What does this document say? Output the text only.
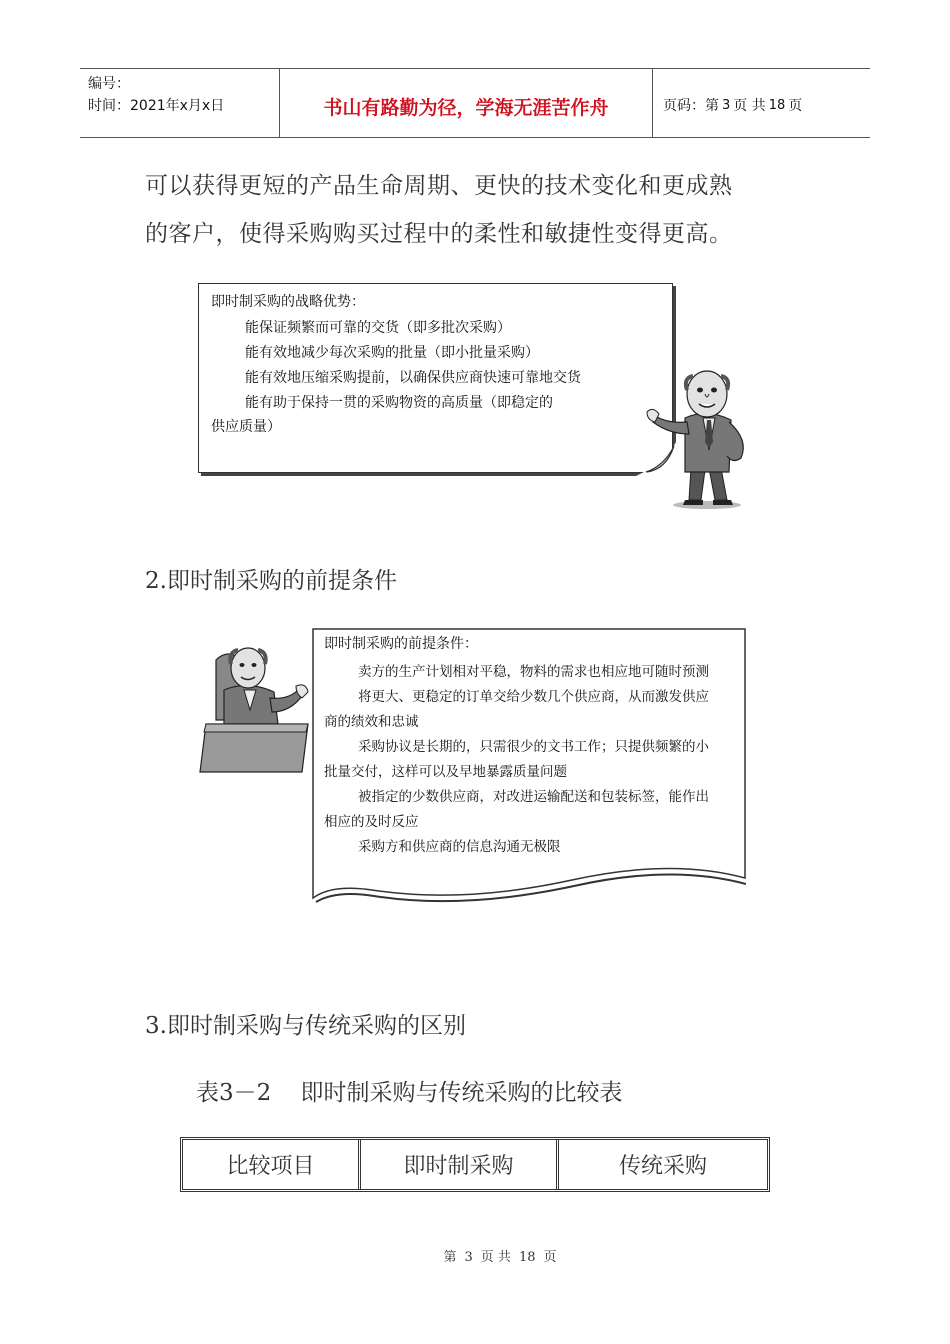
编号：
时间：2021年x月x日	书山有路勤为径，学海无涯苦作舟	页码：第 3 页 共 18 页
可以获得更短的产品生命周期、更快的技术变化和更成熟
的客户，使得采购购买过程中的柔性和敏捷性变得更高。
即时制采购的战略优势：
能保证频繁而可靠的交货（即多批次采购）
能有效地减少每次采购的批量（即小批量采购）
能有效地压缩采购提前，以确保供应商快速可靠地交货
能有助于保持一贯的采购物资的高质量（即稳定的
供应质量）
2.即时制采购的前提条件
即时制采购的前提条件：
卖方的生产计划相对平稳，物料的需求也相应地可随时预测
将更大、更稳定的订单交给少数几个供应商，从而激发供应
商的绩效和忠诚
采购协议是长期的，只需很少的文书工作；只提供频繁的小
批量交付，这样可以及早地暴露质量问题
被指定的少数供应商，对改进运输配送和包装标签，能作出
相应的及时反应
采购方和供应商的信息沟通无极限
3.即时制采购与传统采购的区别
表3－2    即时制采购与传统采购的比较表
比较项目	即时制采购	传统采购
第 3 页 共 18 页
